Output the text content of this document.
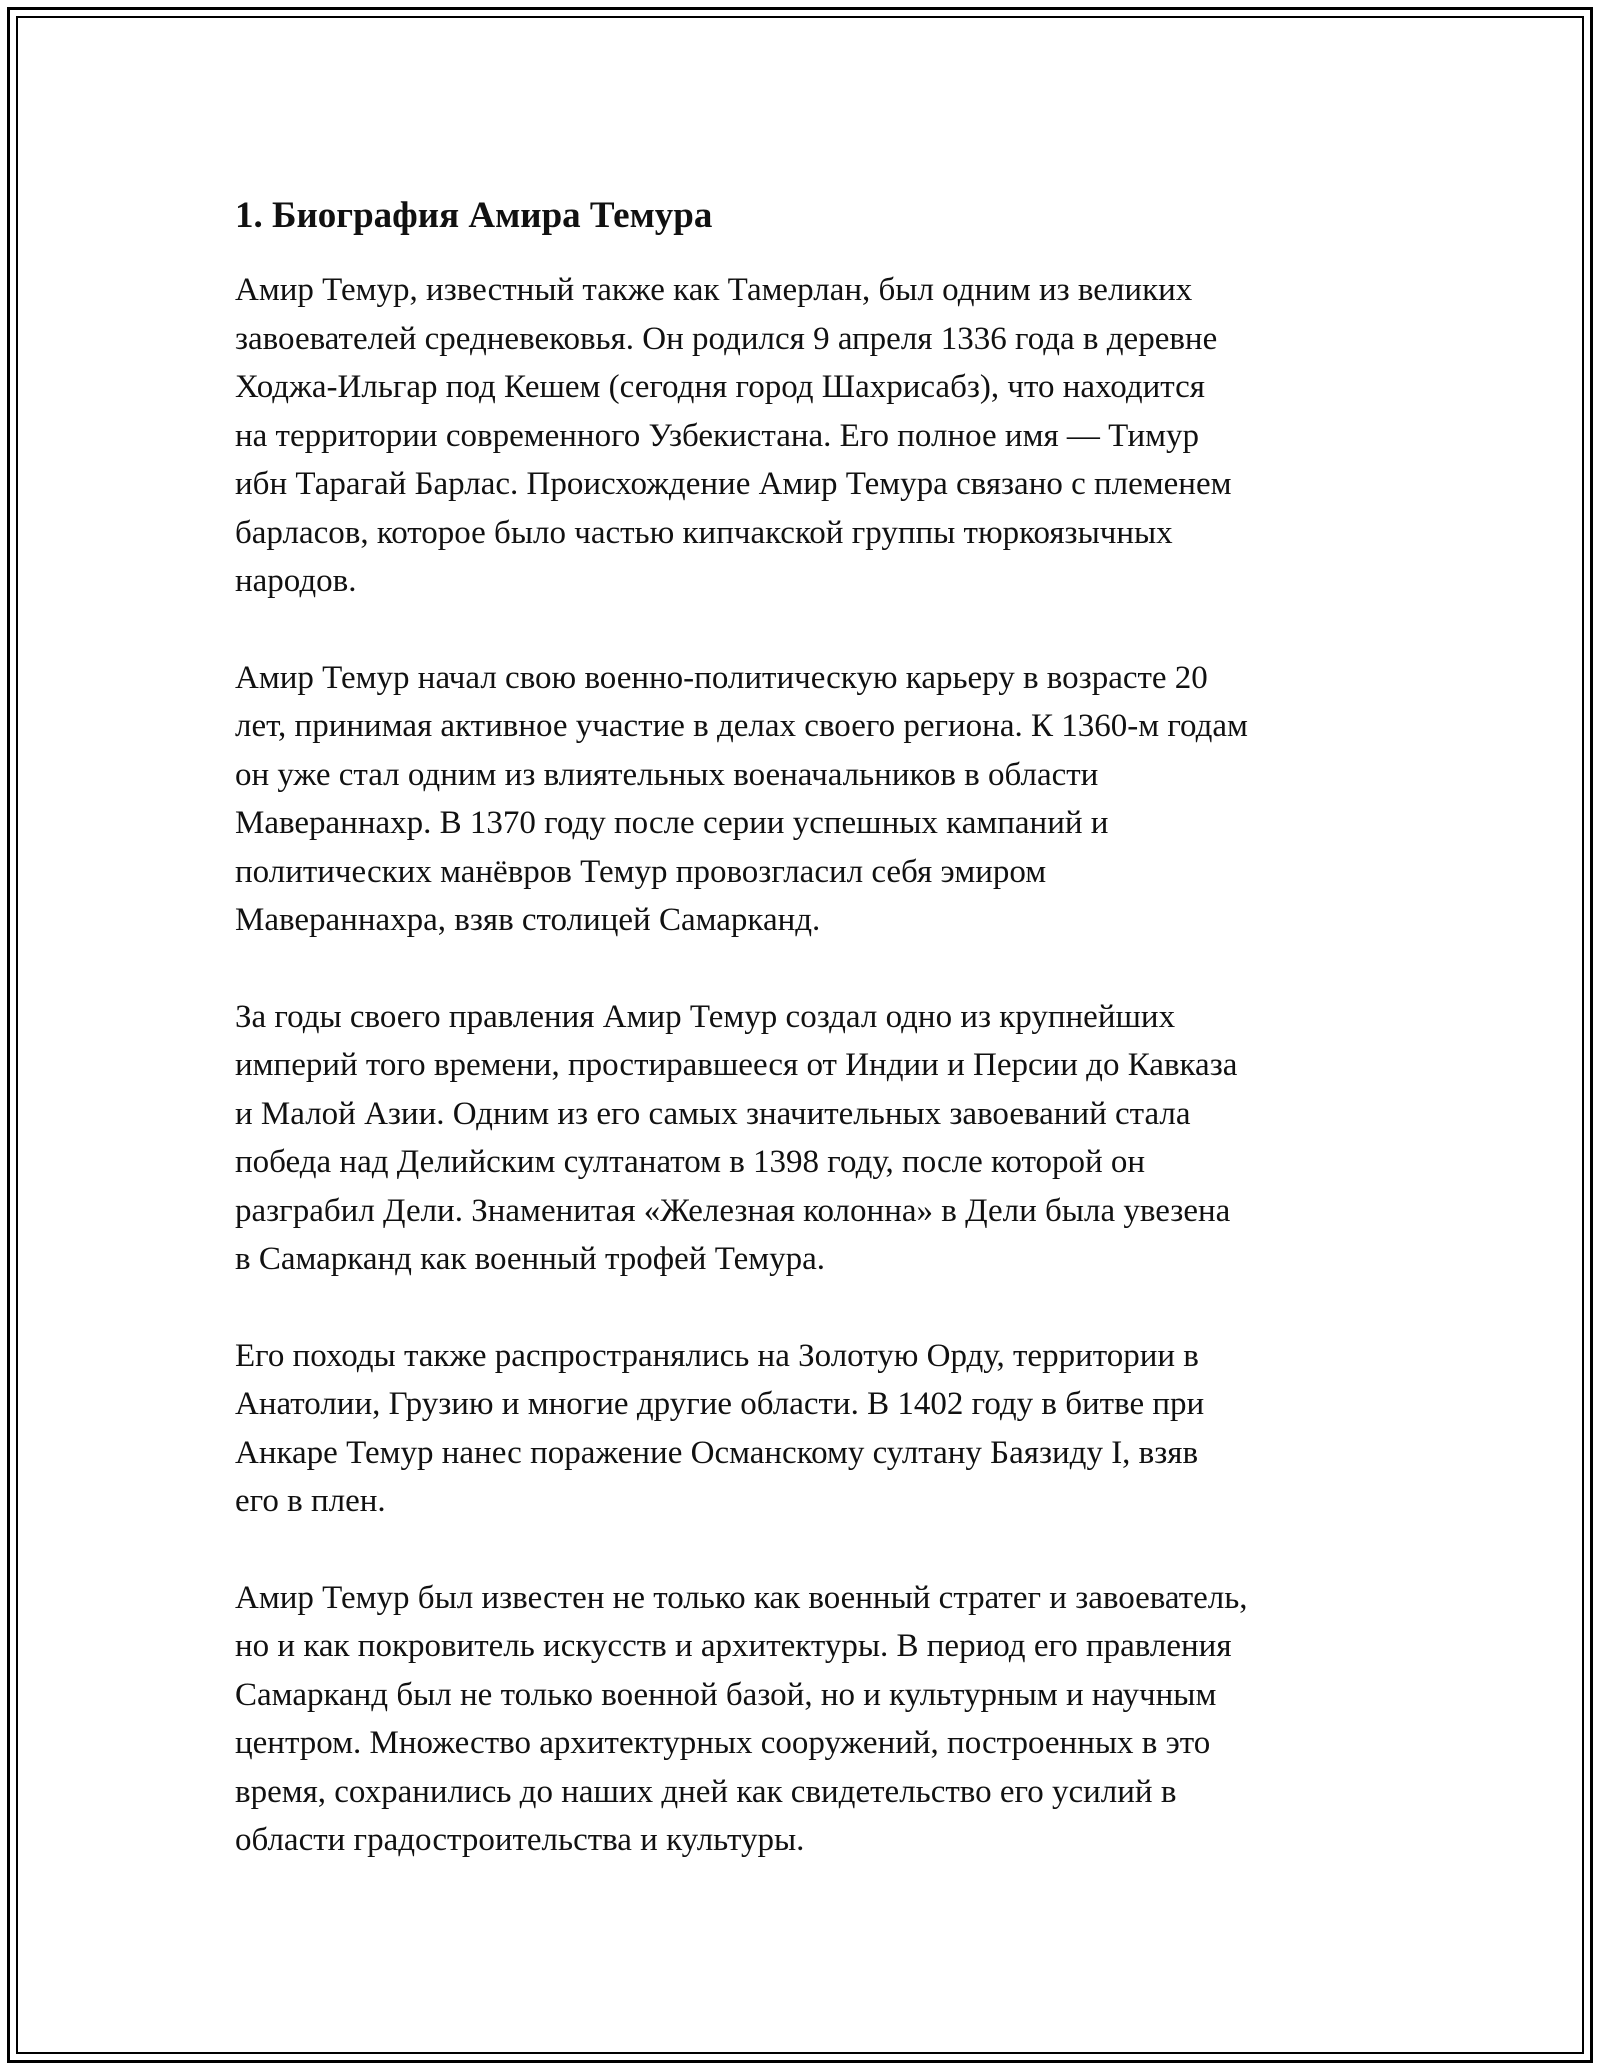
1. Биография Амира Темура

Амир Темур, известный также как Тамерлан, был одним из великих
завоевателей средневековья. Он родился 9 апреля 1336 года в деревне
Ходжа-Ильгар под Кешем (сегодня город Шахрисабз), что находится
на территории современного Узбекистана. Его полное имя — Тимур
ибн Тарагай Барлас. Происхождение Амир Темура связано с племенем
барласов, которое было частью кипчакской группы тюркоязычных
народов.

Амир Темур начал свою военно-политическую карьеру в возрасте 20
лет, принимая активное участие в делах своего региона. К 1360-м годам
он уже стал одним из влиятельных военачальников в области
Мавераннахр. В 1370 году после серии успешных кампаний и
политических манёвров Темур провозгласил себя эмиром
Мавераннахра, взяв столицей Самарканд.

За годы своего правления Амир Темур создал одно из крупнейших
империй того времени, простиравшееся от Индии и Персии до Кавказа
и Малой Азии. Одним из его самых значительных завоеваний стала
победа над Делийским султанатом в 1398 году, после которой он
разграбил Дели. Знаменитая «Железная колонна» в Дели была увезена
в Самарканд как военный трофей Темура.

Его походы также распространялись на Золотую Орду, территории в
Анатолии, Грузию и многие другие области. В 1402 году в битве при
Анкаре Темур нанес поражение Османскому султану Баязиду I, взяв
его в плен.

Амир Темур был известен не только как военный стратег и завоеватель,
но и как покровитель искусств и архитектуры. В период его правления
Самарканд был не только военной базой, но и культурным и научным
центром. Множество архитектурных сооружений, построенных в это
время, сохранились до наших дней как свидетельство его усилий в
области градостроительства и культуры.
